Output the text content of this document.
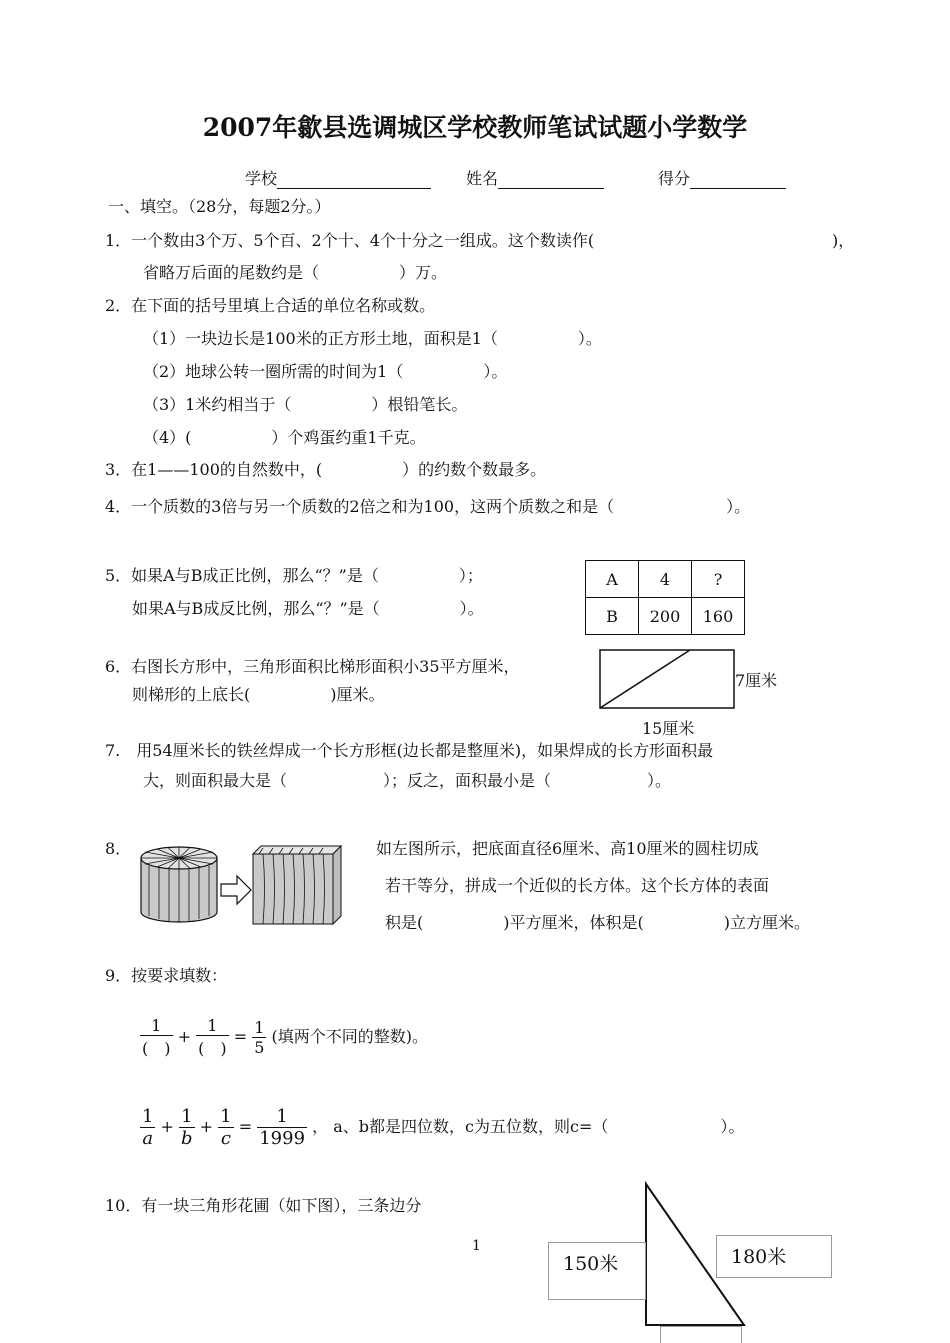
2007年歙县选调城区学校教师笔试试题小学数学
学校	姓名	得分
一、填空。（28分，每题2分。）
1．一个数由3个万、5个百、2个十、4个十分之一组成。这个数读作(	)，
省略万后面的尾数约是（　　　　　）万。
2．在下面的括号里填上合适的单位名称或数。
（1）一块边长是100米的正方形土地，面积是1（　　　　　）。
（2）地球公转一圈所需的时间为1（　　　　　）。
（3）1米约相当于（　　　　　）根铅笔长。
（4）(　　　　　）个鸡蛋约重1千克。
3．在1——100的自然数中，(　　　　　）的约数个数最多。
4．一个质数的3倍与另一个质数的2倍之和为100，这两个质数之和是（　　　　　　　）。
5．如果A与B成正比例，那么“？”是（　　　　　）；
如果A与B成反比例，那么“？”是（　　　　　）。
A	4	?
B	200	160
6．右图长方形中，三角形面积比梯形面积小35平方厘米，
则梯形的上底长(　　　　　)厘米。
7厘米
15厘米
7.　用54厘米长的铁丝焊成一个长方形框(边长都是整厘米)，如果焊成的长方形面积最
大，则面积最大是（　　　　　　）；反之，面积最小是（　　　　　　）。
8．	如左图所示，把底面直径6厘米、高10厘米的圆柱切成
若干等分，拼成一个近似的长方体。这个长方体的表面
积是(　　　　　)平方厘米，体积是(　　　　　)立方厘米。
9．按要求填数：
$\frac{1}{( )} + \frac{1}{( )} = \frac{1}{5}$ (填两个不同的整数)。
$\frac{1}{a} + \frac{1}{b} + \frac{1}{c} = \frac{1}{1999}$ ， a、b都是四位数，c为五位数，则c=（　　　　　　　）。
10．有一块三角形花圃（如下图），三条边分
150米	180米
1
